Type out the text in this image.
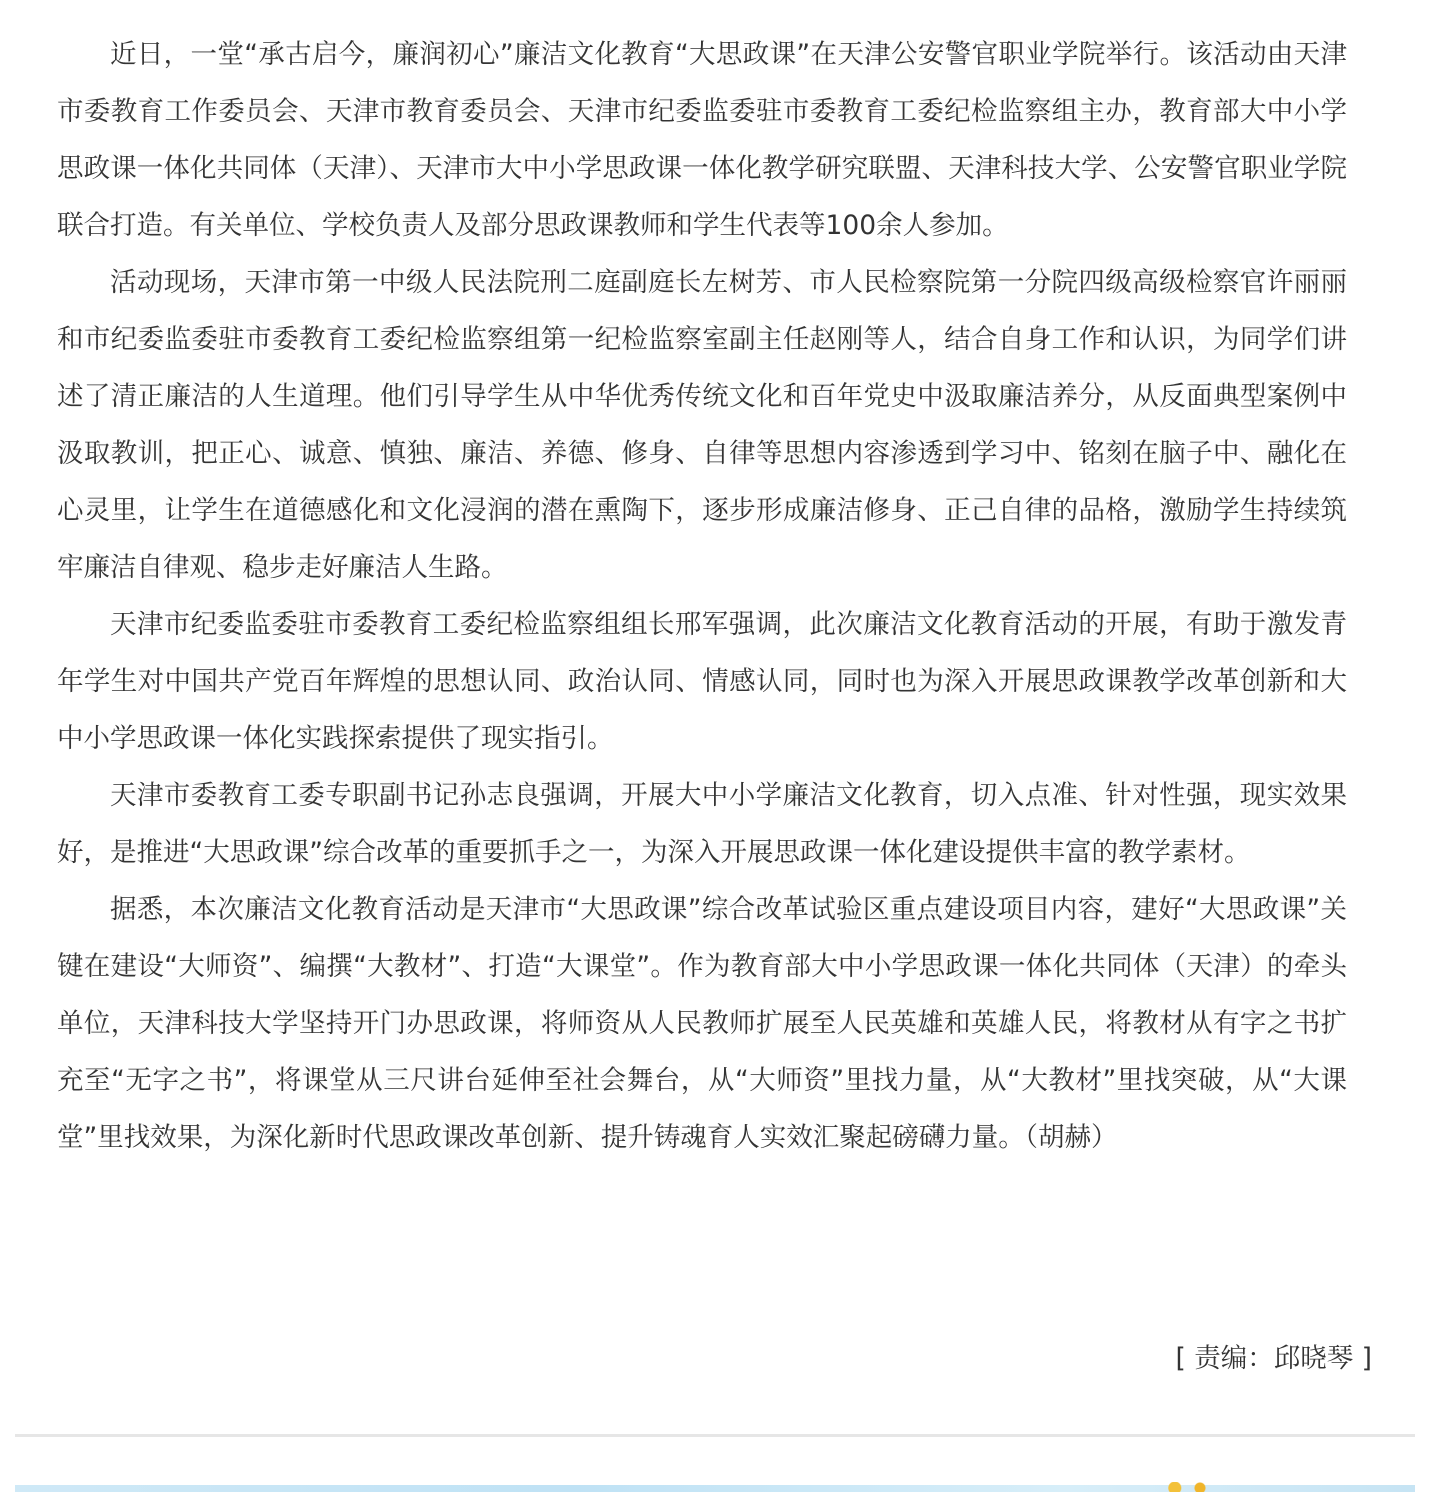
近日，一堂“承古启今，廉润初心”廉洁文化教育“大思政课”在天津公安警官职业学院举行。该活动由天津市委教育工作委员会、天津市教育委员会、天津市纪委监委驻市委教育工委纪检监察组主办，教育部大中小学思政课一体化共同体（天津）、天津市大中小学思政课一体化教学研究联盟、天津科技大学、公安警官职业学院联合打造。有关单位、学校负责人及部分思政课教师和学生代表等100余人参加。

活动现场，天津市第一中级人民法院刑二庭副庭长左树芳、市人民检察院第一分院四级高级检察官许丽丽和市纪委监委驻市委教育工委纪检监察组第一纪检监察室副主任赵刚等人，结合自身工作和认识，为同学们讲述了清正廉洁的人生道理。他们引导学生从中华优秀传统文化和百年党史中汲取廉洁养分，从反面典型案例中汲取教训，把正心、诚意、慎独、廉洁、养德、修身、自律等思想内容渗透到学习中、铭刻在脑子中、融化在心灵里，让学生在道德感化和文化浸润的潜在熏陶下，逐步形成廉洁修身、正己自律的品格，激励学生持续筑牢廉洁自律观、稳步走好廉洁人生路。

天津市纪委监委驻市委教育工委纪检监察组组长邢军强调，此次廉洁文化教育活动的开展，有助于激发青年学生对中国共产党百年辉煌的思想认同、政治认同、情感认同，同时也为深入开展思政课教学改革创新和大中小学思政课一体化实践探索提供了现实指引。

天津市委教育工委专职副书记孙志良强调，开展大中小学廉洁文化教育，切入点准、针对性强，现实效果好，是推进“大思政课”综合改革的重要抓手之一，为深入开展思政课一体化建设提供丰富的教学素材。

据悉，本次廉洁文化教育活动是天津市“大思政课”综合改革试验区重点建设项目内容，建好“大思政课”关键在建设“大师资”、编撰“大教材”、打造“大课堂”。作为教育部大中小学思政课一体化共同体（天津）的牵头单位，天津科技大学坚持开门办思政课，将师资从人民教师扩展至人民英雄和英雄人民，将教材从有字之书扩充至“无字之书”，将课堂从三尺讲台延伸至社会舞台，从“大师资”里找力量，从“大教材”里找突破，从“大课堂”里找效果，为深化新时代思政课改革创新、提升铸魂育人实效汇聚起磅礴力量。（胡赫）

[ 责编：邱晓琴 ]
